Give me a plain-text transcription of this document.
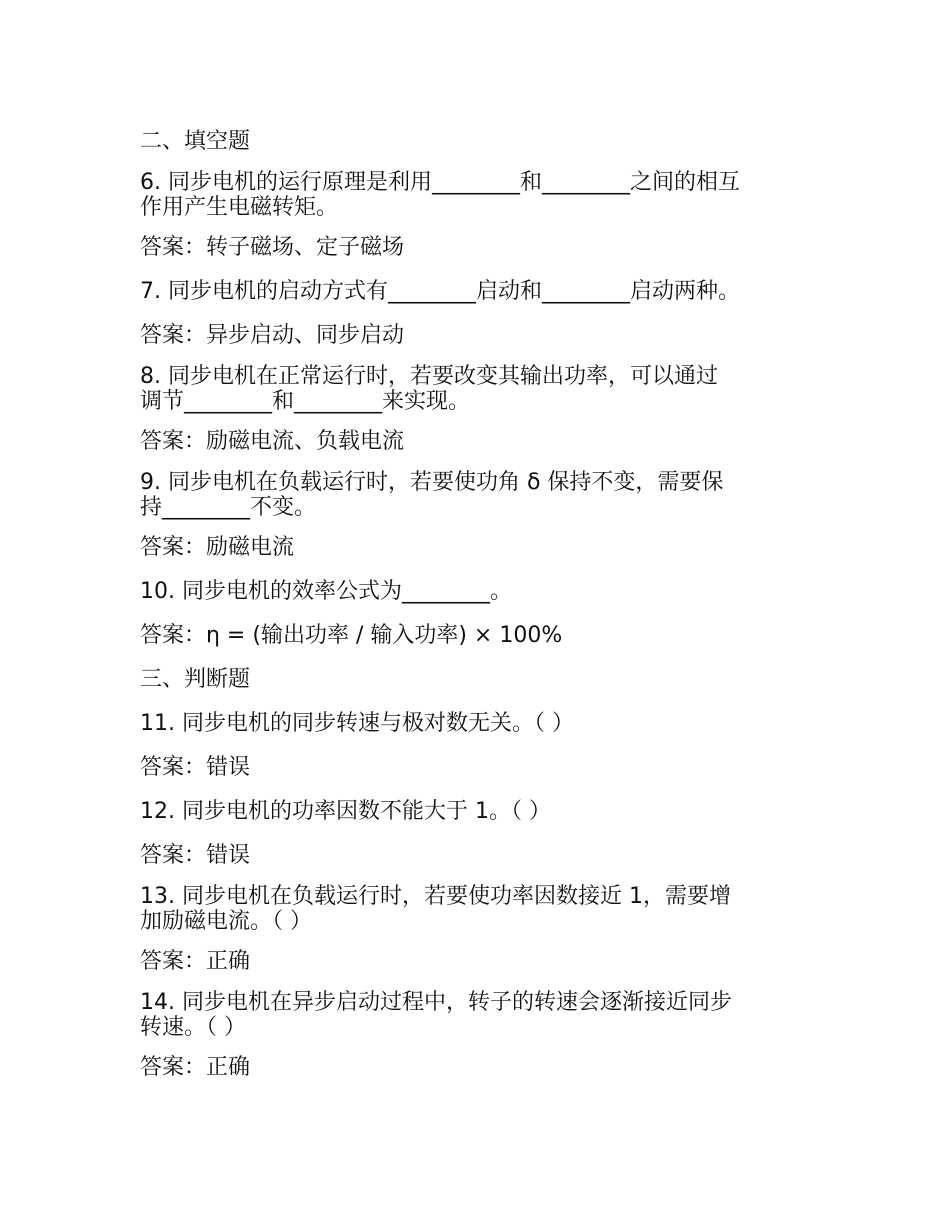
二、填空题
6. 同步电机的运行原理是利用________和________之间的相互
作用产生电磁转矩。
答案：转子磁场、定子磁场
7. 同步电机的启动方式有________启动和________启动两种。
答案：异步启动、同步启动
8. 同步电机在正常运行时，若要改变其输出功率，可以通过
调节________和________来实现。
答案：励磁电流、负载电流
9. 同步电机在负载运行时，若要使功角 δ 保持不变，需要保
持________不变。
答案：励磁电流
10. 同步电机的效率公式为________。
答案：η = (输出功率 / 输入功率) × 100%
三、判断题
11. 同步电机的同步转速与极对数无关。（ ）
答案：错误
12. 同步电机的功率因数不能大于 1。（ ）
答案：错误
13. 同步电机在负载运行时，若要使功率因数接近 1，需要增
加励磁电流。（ ）
答案：正确
14. 同步电机在异步启动过程中，转子的转速会逐渐接近同步
转速。（ ）
答案：正确
